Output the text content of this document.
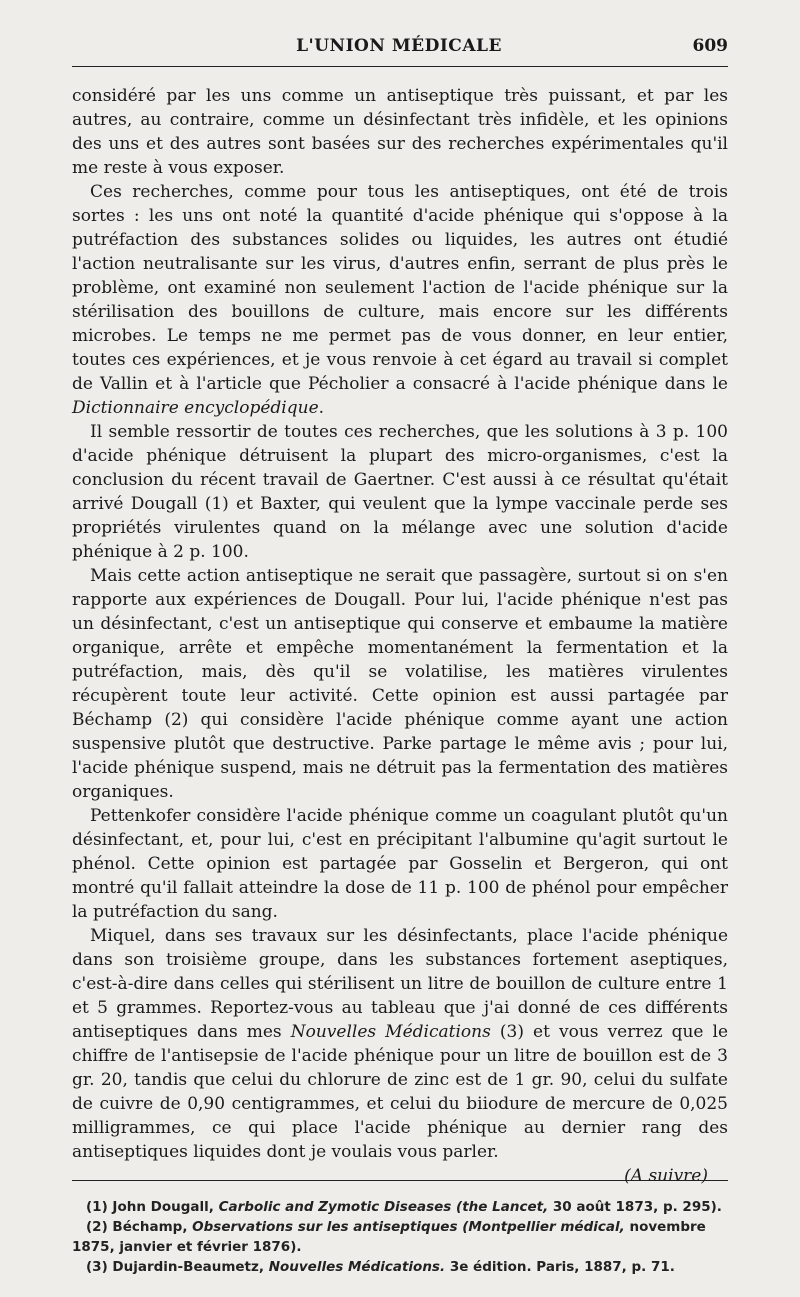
L'UNION MÉDICALE	609

considéré par les uns comme un antiseptique très puissant, et par les autres, au contraire, comme un désinfectant très infidèle, et les opinions des uns et des autres sont basées sur des recherches expérimentales qu'il me reste à vous exposer.

Ces recherches, comme pour tous les antiseptiques, ont été de trois sortes : les uns ont noté la quantité d'acide phénique qui s'oppose à la putréfaction des substances solides ou liquides, les autres ont étudié l'action neutralisante sur les virus, d'autres enfin, serrant de plus près le problème, ont examiné non seulement l'action de l'acide phénique sur la stérilisation des bouillons de culture, mais encore sur les différents microbes. Le temps ne me permet pas de vous donner, en leur entier, toutes ces expériences, et je vous renvoie à cet égard au travail si complet de Vallin et à l'article que Pécholier a consacré à l'acide phénique dans le Dictionnaire encyclopédique.

Il semble ressortir de toutes ces recherches, que les solutions à 3 p. 100 d'acide phénique détruisent la plupart des micro-organismes, c'est la conclusion du récent travail de Gaertner. C'est aussi à ce résultat qu'était arrivé Dougall (1) et Baxter, qui veulent que la lympe vaccinale perde ses propriétés virulentes quand on la mélange avec une solution d'acide phénique à 2 p. 100.

Mais cette action antiseptique ne serait que passagère, surtout si on s'en rapporte aux expériences de Dougall. Pour lui, l'acide phénique n'est pas un désinfectant, c'est un antiseptique qui conserve et embaume la matière organique, arrête et empêche momentanément la fermentation et la putréfaction, mais, dès qu'il se volatilise, les matières virulentes récupèrent toute leur activité. Cette opinion est aussi partagée par Béchamp (2) qui considère l'acide phénique comme ayant une action suspensive plutôt que destructive. Parke partage le même avis ; pour lui, l'acide phénique suspend, mais ne détruit pas la fermentation des matières organiques.

Pettenkofer considère l'acide phénique comme un coagulant plutôt qu'un désinfectant, et, pour lui, c'est en précipitant l'albumine qu'agit surtout le phénol. Cette opinion est partagée par Gosselin et Bergeron, qui ont montré qu'il fallait atteindre la dose de 11 p. 100 de phénol pour empêcher la putréfaction du sang.

Miquel, dans ses travaux sur les désinfectants, place l'acide phénique dans son troisième groupe, dans les substances fortement aseptiques, c'est-à-dire dans celles qui stérilisent un litre de bouillon de culture entre 1 et 5 grammes. Reportez-vous au tableau que j'ai donné de ces différents antiseptiques dans mes Nouvelles Médications (3) et vous verrez que le chiffre de l'antisepsie de l'acide phénique pour un litre de bouillon est de 3 gr. 20, tandis que celui du chlorure de zinc est de 1 gr. 90, celui du sulfate de cuivre de 0,90 centigrammes, et celui du biiodure de mercure de 0,025 milligrammes, ce qui place l'acide phénique au dernier rang des antiseptiques liquides dont je voulais vous parler.

(A suivre)

(1) John Dougall, Carbolic and Zymotic Diseases (the Lancet, 30 août 1873, p. 295).

(2) Béchamp, Observations sur les antiseptiques (Montpellier médical, novembre 1875, janvier et février 1876).

(3) Dujardin-Beaumetz, Nouvelles Médications. 3e édition. Paris, 1887, p. 71.
